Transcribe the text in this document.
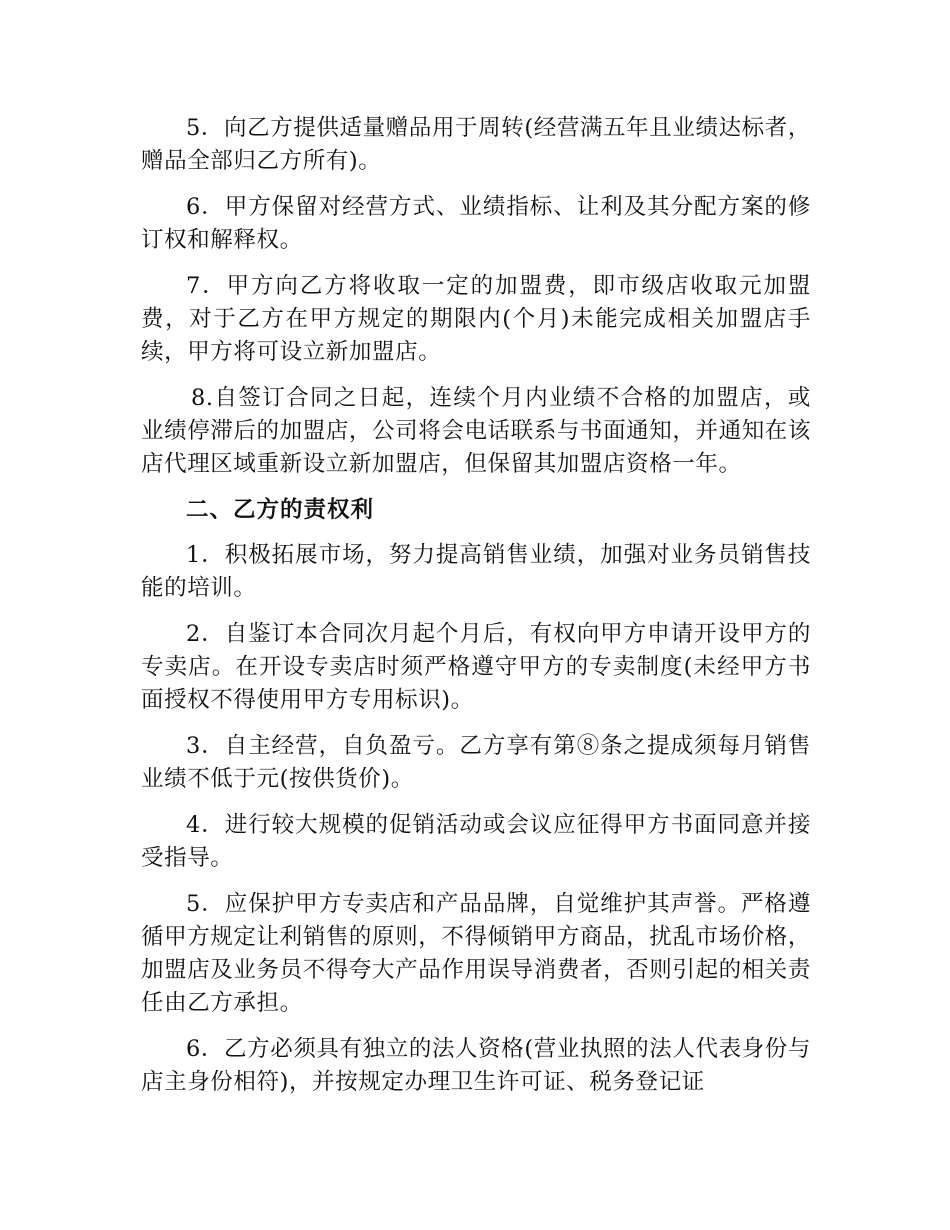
5．向乙方提供适量赠品用于周转(经营满五年且业绩达标者，赠品全部归乙方所有)。

6．甲方保留对经营方式、业绩指标、让利及其分配方案的修订权和解释权。

7．甲方向乙方将收取一定的加盟费，即市级店收取元加盟费，对于乙方在甲方规定的期限内(个月)未能完成相关加盟店手续，甲方将可设立新加盟店。

8.自签订合同之日起，连续个月内业绩不合格的加盟店，或业绩停滞后的加盟店，公司将会电话联系与书面通知，并通知在该店代理区域重新设立新加盟店，但保留其加盟店资格一年。

二、乙方的责权利

1．积极拓展市场，努力提高销售业绩，加强对业务员销售技能的培训。

2．自鉴订本合同次月起个月后，有权向甲方申请开设甲方的专卖店。在开设专卖店时须严格遵守甲方的专卖制度(未经甲方书面授权不得使用甲方专用标识)。

3．自主经营，自负盈亏。乙方享有第⑧条之提成须每月销售业绩不低于元(按供货价)。

4．进行较大规模的促销活动或会议应征得甲方书面同意并接受指导。

5．应保护甲方专卖店和产品品牌，自觉维护其声誉。严格遵循甲方规定让利销售的原则，不得倾销甲方商品，扰乱市场价格，加盟店及业务员不得夸大产品作用误导消费者，否则引起的相关责任由乙方承担。

6．乙方必须具有独立的法人资格(营业执照的法人代表身份与店主身份相符)，并按规定办理卫生许可证、税务登记证
